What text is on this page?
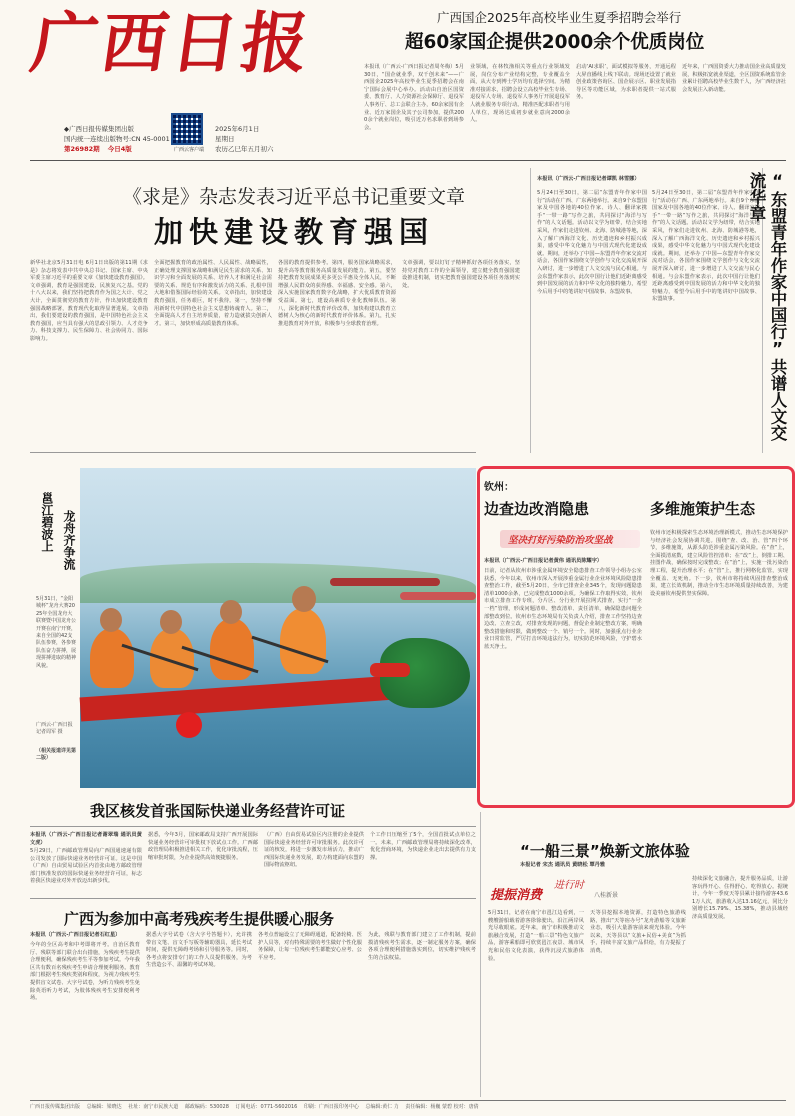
广西日报
◆广西日报传媒集团出版
国内统一连续出版物号:CN 45-0001
第26982期 今日4版	广西云客户端
2025年6月1日
星期日
农历乙巳年五月初六
广西国企2025年高校毕业生夏季招聘会举行
超60家国企提供2000余个优质岗位
本报讯（广西云-广西日报记者周冬梅）5月30日，“国企就业季，双千创未来”——广西国企2025年高校毕业生夏季招聘会在南宁国际会展中心举办。活动由自治区国资委、教育厅、人力资源社会保障厅、退役军人事务厅、总工会联合主办，60余家国有企业、近万家国企及其子公司参加，提供2000余个就业岗位，吸引近万名求职者到场参会。
业领域，在林牧渔相关等重点行业领域发展，岗位分布产业结构完整，专业覆盖全面，从大专到博士学历均有选择空间。为精准对接需求，招聘会设立高校毕业生专场、退役军人专场、退役军人事务厅开展退役军人就业服务专项行动。精准匹配求职者与用人单位，现场达成初步就业意向2000余人。
启动‘AI求职’，面试模拟等服务，开通远程大屏直播线上线下联动。现场还设置了就业创业政策咨询区、国企展示区、职业发展指导区等功能区域，为求职者提供一站式服务。
近年来，广西国资委大力推动国企业高质量发展，积极拓宽就业渠道，全区国资系统监管企业累计招聘高校毕业生数千人，为广西经济社会发展注入新动能。
《求是》杂志发表习近平总书记重要文章
加快建设教育强国
新华社北京5月31日电 6月1日出版的第11期《求是》杂志将发表中共中央总书记、国家主席、中央军委主席习近平的重要文章《加快建设教育强国》。文章强调，教育是强国建设、民族复兴之基。党的十八大以来，我们坚持把教育作为国之大计、党之大计，全面贯彻党的教育方针，作出加快建设教育强国战略部署，教育现代化取得显著进展。文章指出，我们要建设的教育强国，是中国特色社会主义教育强国，应当具有强大的思政引领力、人才竞争力、科技支撑力、民生保障力、社会协同力、国际影响力。
全面把握教育的政治属性、人民属性、战略属性，正确处理支撑国家战略和满足民生需求的关系、知识学习和全面发展的关系、培养人才和满足社会需要的关系、规范有序和激发活力的关系、扎根中国大地和借鉴国际经验的关系。文章指出，加快建设教育强国，任务艰巨，时不我待。第一，坚持不懈用新时代中国特色社会主义思想铸魂育人。第二，全面提高人才自主培养质量，着力造就拔尖创新人才。第三，加快形成高质量教育体系。
各国的教育提供参考。第四，服务国家战略需求，提升高等教育服务高质量发展的能力。第五，要坚持把教育发展成果更多更公平惠及全体人民，不断增强人民群众的获得感、幸福感、安全感。第六，深入实施国家教育数字化战略，扩大优质教育资源受益面。第七，建设高素质专业化教师队伍。第八，深化新时代教育评价改革，加快构建以教育立德树人为核心的新时代教育评价体系。第九，扎实推进教育对外开放，积极参与全球教育治理。
文章强调，要以钉钉子精神抓好各项任务落实，坚持党对教育工作的全面领导，建立健全教育强国建设推进机制，切实把教育强国建设各项任务落到实处。
本报讯（广西云-广西日报记者谭凯 林雪娜）
5月24日至30日，第二届“东盟青年作家中国行”活动在广西、广东两地举行。来自9个东盟国家及中国各地的40位作家、诗人、翻译家携手“一带一路”写作之旅，共同探讨“海洋与写作”的人文话题。活动以文学为纽带，结合实地采风，作家们走进钦州、北海、防城港等地，深入了解广西海洋文化、历史遗迹和乡村振兴成果，感受中华文化魅力与中国式现代化建设成就。期间，还举办了中国—东盟青年作家交流对话会，各国作家围绕文学创作与文化交流展开深入研讨，进一步增进了人文交流与民心相通。与会东盟作家表示，此次中国行让他们近距离感受到中国发展的活力和中华文化的独特魅力，希望今后用手中的笔讲好中国故事、东盟故事。
5月24日至30日，第二届“东盟青年作家中国行”活动在广西、广东两地举行。来自9个东盟国家及中国各地的40位作家、诗人、翻译家携手“一带一路”写作之旅，共同探讨“海洋与写作”的人文话题。活动以文学为纽带，结合实地采风，作家们走进钦州、北海、防城港等地，深入了解广西海洋文化、历史遗迹和乡村振兴成果，感受中华文化魅力与中国式现代化建设成就。期间，还举办了中国—东盟青年作家交流对话会，各国作家围绕文学创作与文化交流展开深入研讨，进一步增进了人文交流与民心相通。与会东盟作家表示，此次中国行让他们近距离感受到中国发展的活力和中华文化的独特魅力，希望今后用手中的笔讲好中国故事、东盟故事。	“东盟青年作家中国行”共谱人文交流华章
邕江碧波上 龙舟齐争流
5月31日，“金阳城杯”龙舟大赛2025年全国龙舟大联赛暨中国龙舟公开赛在南宁开赛，来自全国的42支队伍参赛，各参赛队伍奋力拼搏，展现拼搏进取的精神风貌。
广西云-广西日报记者周军 摄
（相关报道详见第二版）
我区核发首张国际快递业务经营许可证
钦州：
边查边改消隐患	多维施策护生态
坚决打好污染防治攻坚战
本报讯（广西云-广西日报记者黄伟 通讯员陈耀宇）
日前，记者从钦州市涉重金属环境安全隐患排查工作领导小组办公室获悉，今年以来，钦州市深入开展涉重金属行业企业环境风险隐患排查整治工作，截至5月20日，全市已排查企业345个，发现问题隐患清单1000余条，已完成整改1000余项。为确保工作取得实效，钦州市成立排查工作专班，分片区、分行业开展拉网式排查，实行“一企一档”管理，形成问题清单、整改清单、责任清单，确保隐患问题全部整改到位。钦州市生态环境局有关负责人介绍，排查工作坚持边查边改、立查立改，对排查发现的问题，督促企业制定整改方案，明确整改措施和时限，做到整改一个、销号一个。同时，加强重点行业企业日常监管，严厉打击环境违法行为，切实防范环境风险，守护碧水蓝天净土。
钦州市还积极探索生态环境治理新模式，推动生态环境保护与经济社会发展协调共进。围绕“查、改、治、管”四个环节，多维施策，从源头防范涉重金属污染风险。在“查”上，全面摸清底数，建立风险管控清单；在“改”上，倒排工期、挂图作战，确保按时完成整改；在“治”上，实施一批污染治理工程，提升治理水平；在“管”上，推行网格化监管，实现全覆盖、无死角。下一步，钦州市将持续巩固排查整治成果，建立长效机制，推动全市生态环境质量持续改善，为建设美丽钦州提供坚实保障。
本报讯（广西云-广西日报记者谢翠瑞 通讯员黄文虎）
5月29日，广西邮政管理局向广西国通速递有限公司发放了国际快递业务经营许可证。这是中国（广西）自由贸易试验区内首张由地方邮政管理部门核准发放的国际快递业务经营许可证，标志着我区快递业对外开放迈出新步伐。
据悉，今年3月，国家邮政局支持广西开展国际快递业务经营许可审批权下放试点工作。广西邮政管理局积极推进相关工作，优化审批流程，压缩审批时限，为企业提供高效便捷服务。
（广西）自由贸易试验区内注册的企业提供国际快递业务经营许可审批服务。此次许可证的核发，将进一步激发市场活力，推动广西国际快递业务发展，助力构建面向东盟的国际物流枢纽。
个工作日压缩至了5个，全国首批试点单位之一。未来，广西邮政管理局将持续深化改革，优化营商环境，为快递企业走出去提供有力支撑。
广西为参加中高考残疾考生提供暖心服务
本报讯（广西云-广西日报记者石红星）
今年的全区高考和中考即将开考。自治区教育厅、残联等部门联合出台措施，为残疾考生提供合理便利，确保残疾考生平等参加考试。今年我区共有数百名残疾考生申请合理便利服务。教育部门根据考生残疾类别和程度，为视力残疾考生提供盲文试卷、大字号试卷，为听力残疾考生免除英语听力考试，为肢体残疾考生安排便利考场。
据悉大字号试卷（含大字号答题卡），允许携带盲文笔、盲文手写板等辅助器具，延长考试时间，提供无障碍考场和引导服务等。同时，各考点将安排专门的工作人员提供服务，为考生营造公平、温馨的考试环境。
各考点普遍设立了无障碍通道，配备轮椅、医护人员等，对有特殊需要的考生做好个性化服务保障，让每一位残疾考生都能安心应考、公平应考。
为此，残联与教育部门建立了工作机制，提前摸清残疾考生需求，逐一制定服务方案，确保各项合理便利措施落实到位，切实维护残疾考生的合法权益。
“一船三景”焕新文旅体验
本报记者 宋杰 通讯员 黄晓松 覃丹雅
提振消费
进行时
八桂新景
5月31日，记者在南宁市邕江边看到，一艘艘游船载着游客徐徐驶出，沿江两岸风光尽收眼底。近年来，南宁市积极推动文旅融合发展，打造“一船三景”特色文旅产品，游客乘船即可欣赏邕江夜景、城市风光和民俗文化表演，获得沉浸式旅游体验。
天等县挖掘本地资源，打造特色旅游线路，推出“天等宿办号”龙舟游船等文旅新业态，吸引大量游客前来观光体验。今年以来，天等县以“文旅+民俗+美食”为抓手，持续丰富文旅产品供给，有力提振了消费。
持续深化文旅融合，提升服务品质，让游客玩得开心、住得舒心、吃得放心。据统计，今年一季度天等县累计接待游客43.61万人次，旅游收入达13.16亿元，同比分别增长15.79%、15.38%，推动县域经济高质量发展。
广西日报传媒集团出版　 总编辑：梁晓达　 社址：南宁市民族大道　 邮政编码：530028　 订阅电话：0771-5602016　 印刷：广西日报印务中心　 总编辑:黄仁 力　 责任编辑：杨巍 蒙碧 校对：唐倩
